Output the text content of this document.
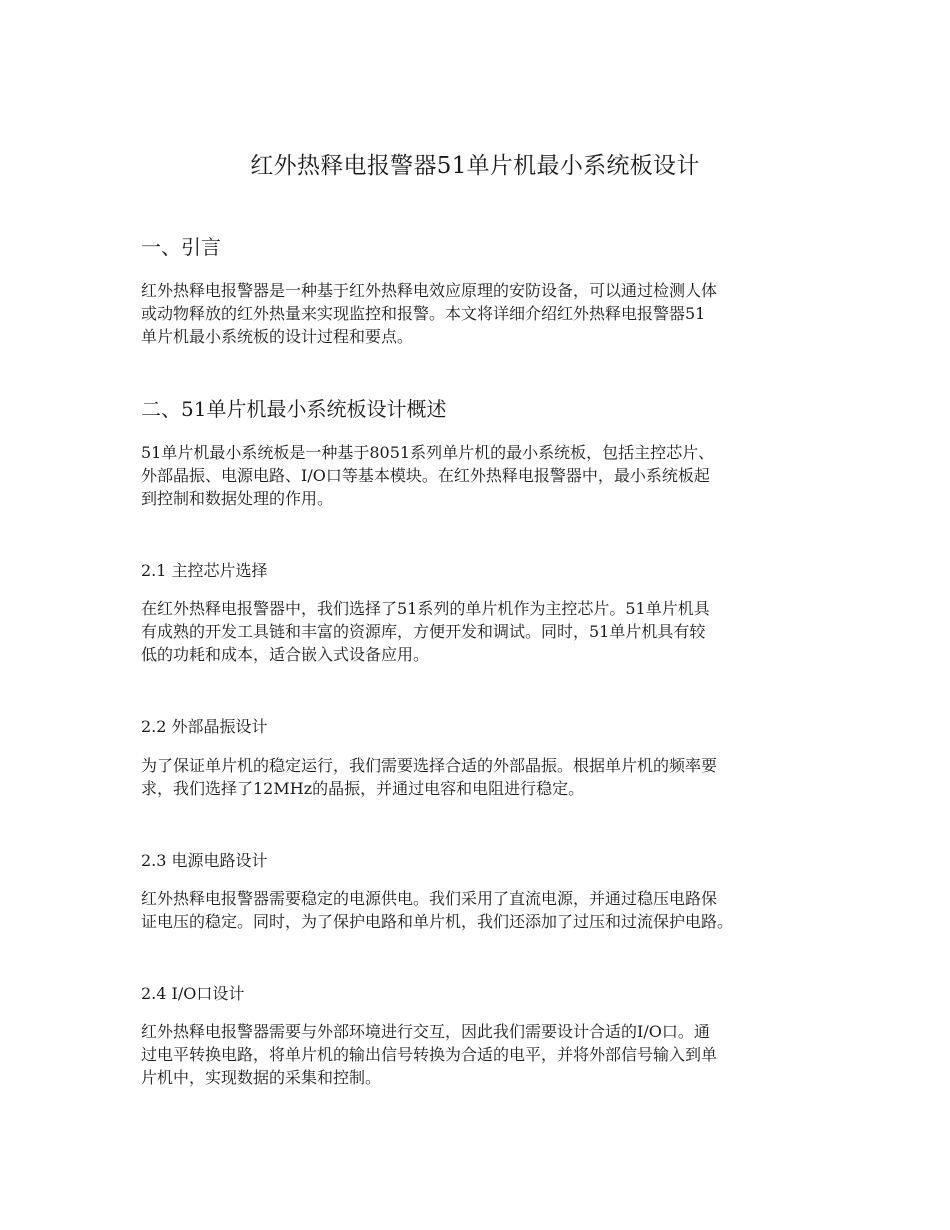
红外热释电报警器51单片机最小系统板设计
一、引言
红外热释电报警器是一种基于红外热释电效应原理的安防设备，可以通过检测人体
或动物释放的红外热量来实现监控和报警。本文将详细介绍红外热释电报警器51
单片机最小系统板的设计过程和要点。
二、51单片机最小系统板设计概述
51单片机最小系统板是一种基于8051系列单片机的最小系统板，包括主控芯片、
外部晶振、电源电路、I/O口等基本模块。在红外热释电报警器中，最小系统板起
到控制和数据处理的作用。
2.1 主控芯片选择
在红外热释电报警器中，我们选择了51系列的单片机作为主控芯片。51单片机具
有成熟的开发工具链和丰富的资源库，方便开发和调试。同时，51单片机具有较
低的功耗和成本，适合嵌入式设备应用。
2.2 外部晶振设计
为了保证单片机的稳定运行，我们需要选择合适的外部晶振。根据单片机的频率要
求，我们选择了12MHz的晶振，并通过电容和电阻进行稳定。
2.3 电源电路设计
红外热释电报警器需要稳定的电源供电。我们采用了直流电源，并通过稳压电路保
证电压的稳定。同时，为了保护电路和单片机，我们还添加了过压和过流保护电路。
2.4 I/O口设计
红外热释电报警器需要与外部环境进行交互，因此我们需要设计合适的I/O口。通
过电平转换电路，将单片机的输出信号转换为合适的电平，并将外部信号输入到单
片机中，实现数据的采集和控制。
